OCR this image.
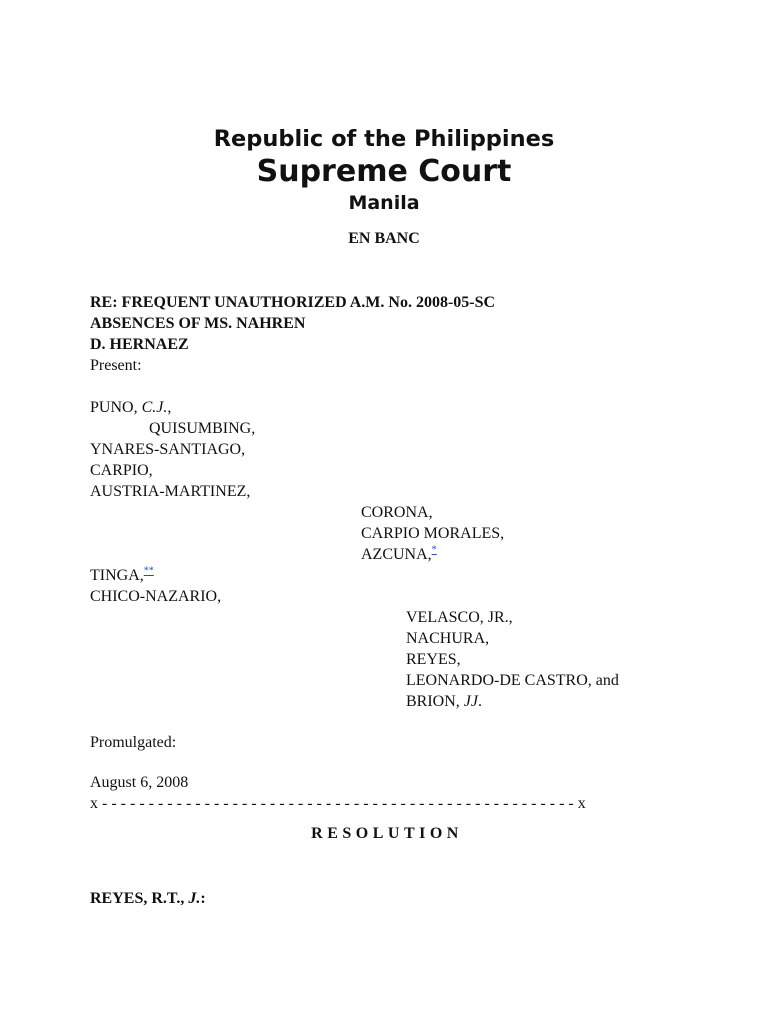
Republic of the Philippines
Supreme Court
Manila
EN BANC
RE: FREQUENT UNAUTHORIZED A.M. No. 2008-05-SC
ABSENCES OF MS. NAHREN
D. HERNAEZ
Present:
PUNO, C.J.,
QUISUMBING,
YNARES-SANTIAGO,
CARPIO,
AUSTRIA-MARTINEZ,
CORONA,
CARPIO MORALES,
AZCUNA,*
TINGA,**
CHICO-NAZARIO,
VELASCO, JR.,
NACHURA,
REYES,
LEONARDO-DE CASTRO, and
BRION, JJ.
Promulgated:
August 6, 2008
x - - - - - - - - - - - - - - - - - - - - - - - - - - - - - - - - - - - - - - - - - - - - - - - - - - - x
RESOLUTION
REYES, R.T., J.:
